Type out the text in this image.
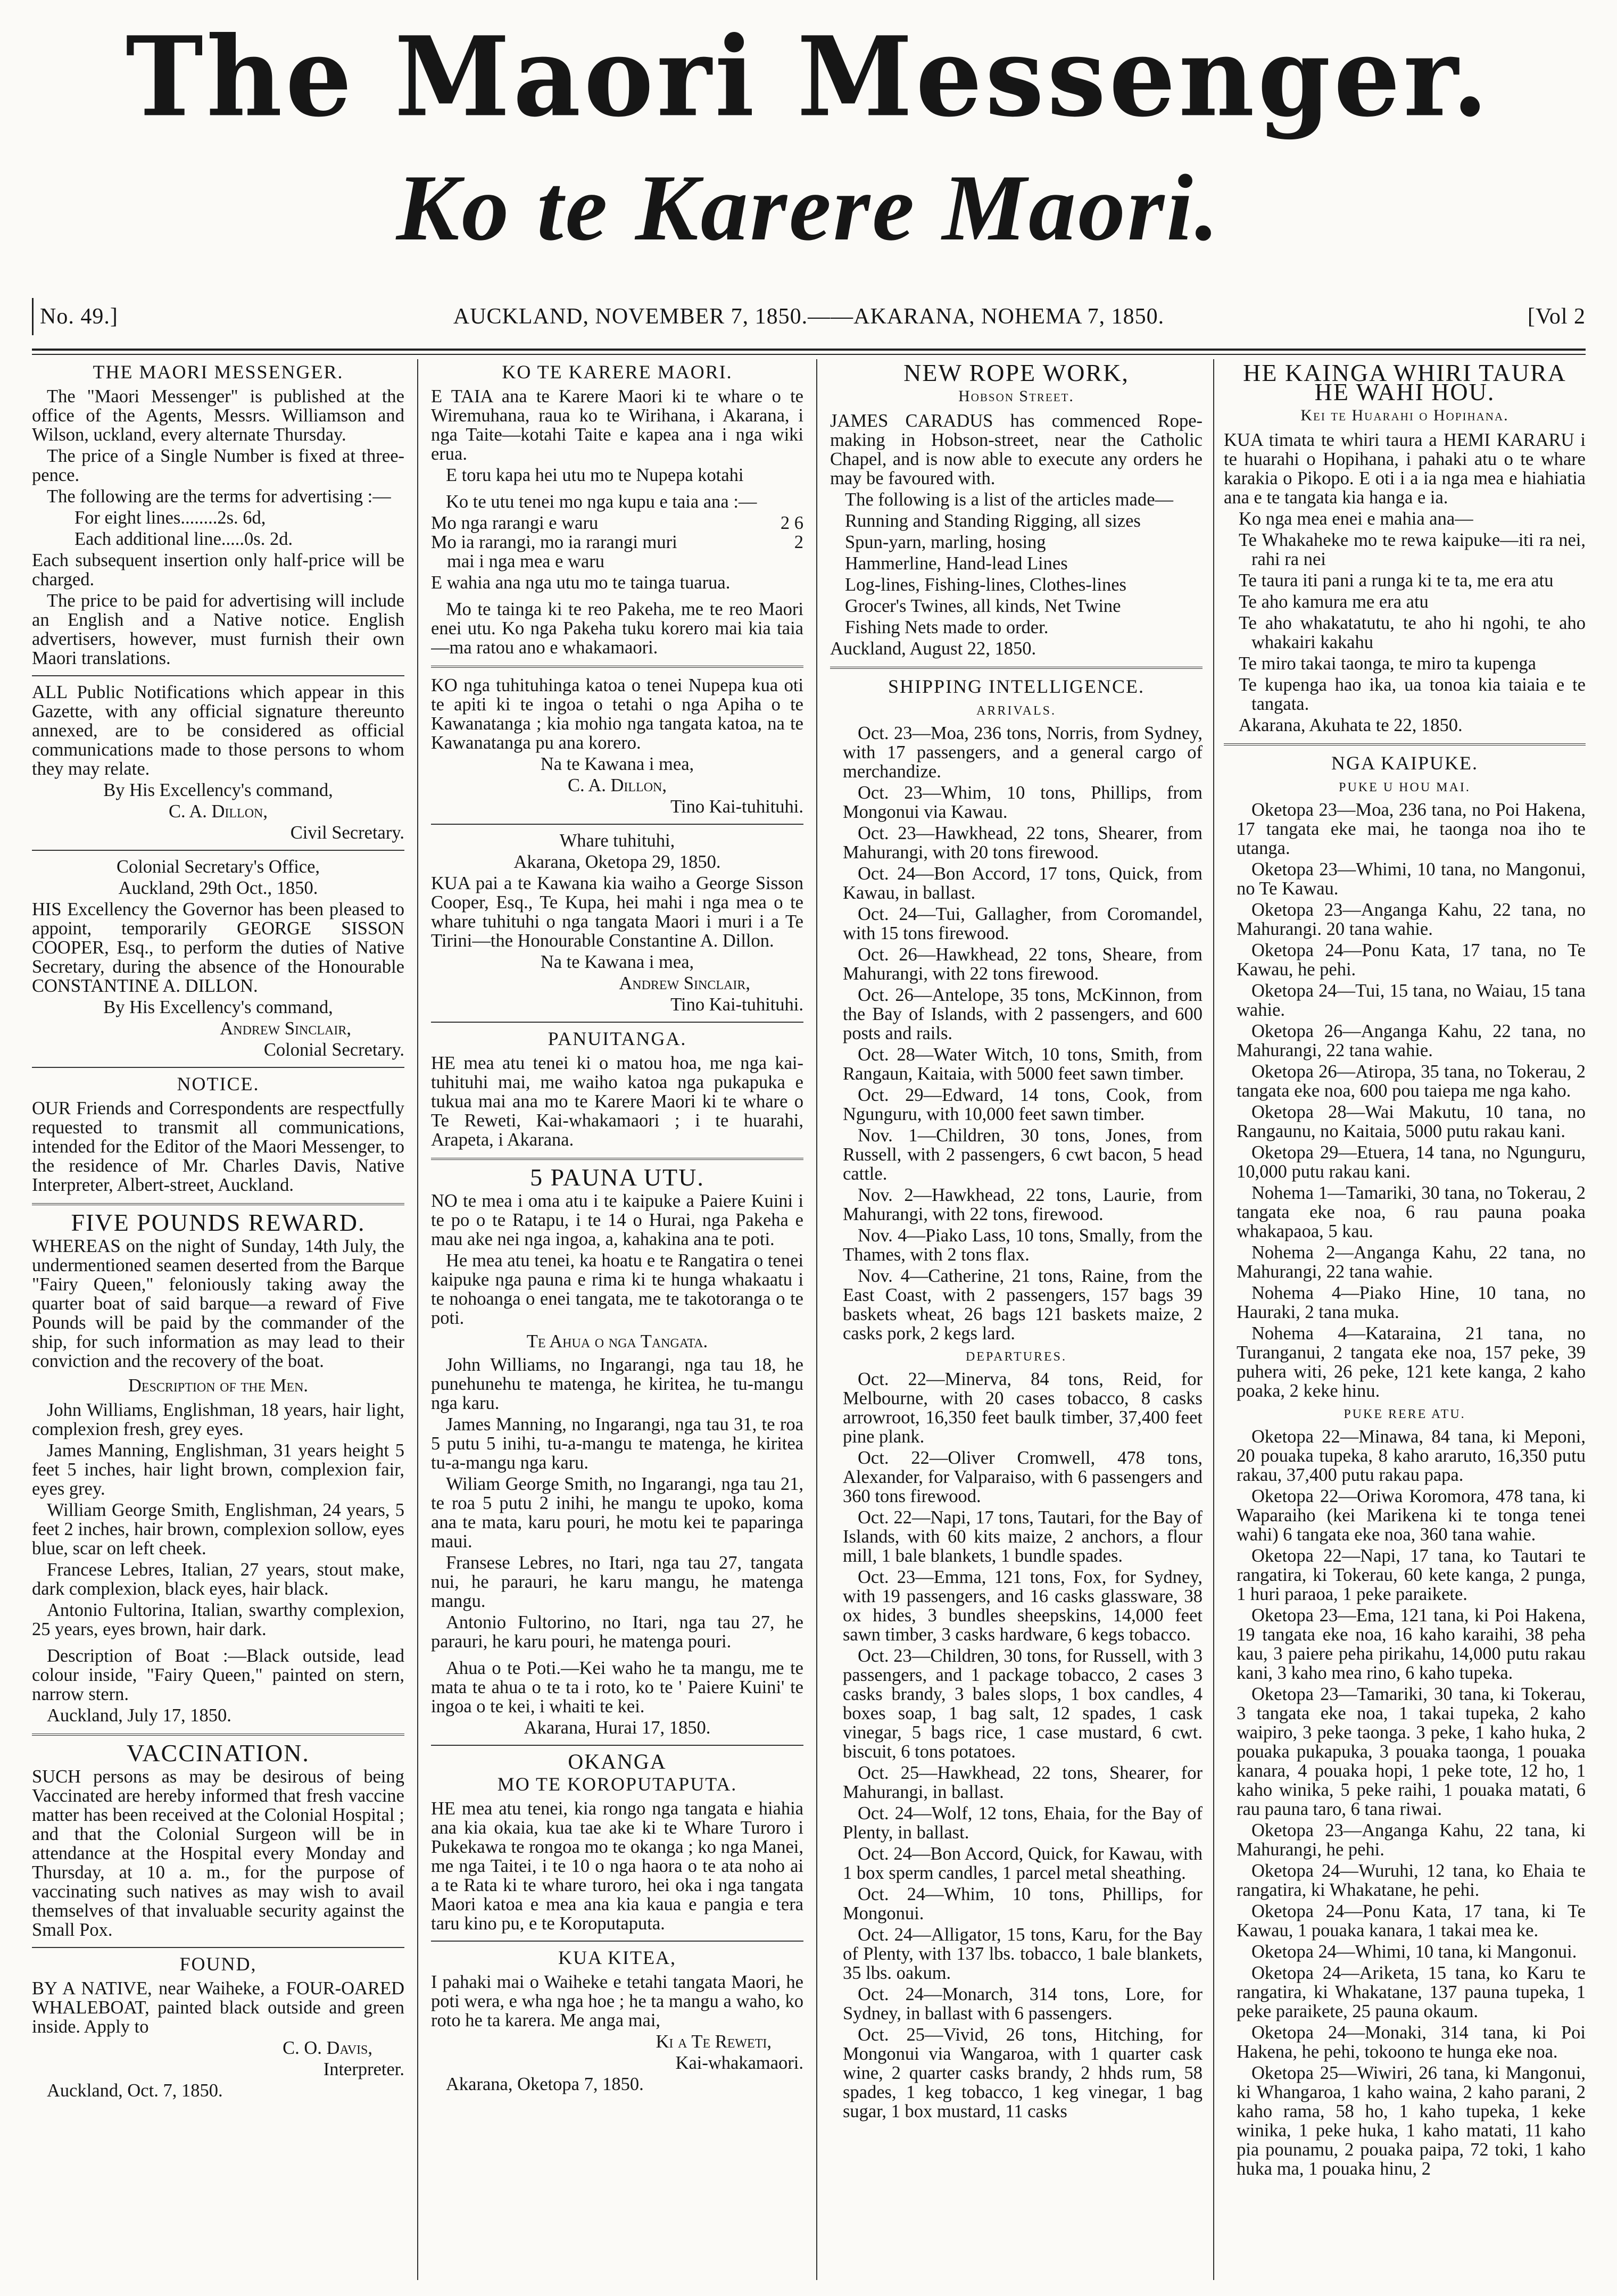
The Maori Messenger.
Ko te Karere Maori.
No. 49.]	AUCKLAND, NOVEMBER 7, 1850.——AKARANA, NOHEMA 7, 1850.	[Vol 2
THE MAORI MESSENGER.

The "Maori Messenger" is published at the office of the Agents, Messrs. Williamson and Wilson, uckland, every alternate Thursday.

The price of a Single Number is fixed at three-pence.

The following are the terms for advertising :—

For eight lines........2s. 6d,

Each additional line.....0s. 2d.

Each subsequent insertion only half-price will be charged.

The price to be paid for advertising will include an English and a Native notice. English advertisers, however, must furnish their own Maori translations.

ALL Public Notifications which appear in this Gazette, with any official signature thereunto annexed, are to be considered as official communications made to those persons to whom they may relate.

By His Excellency's command,

C. A. Dillon,

Civil Secretary.

Colonial Secretary's Office,

Auckland, 29th Oct., 1850.

HIS Excellency the Governor has been pleased to appoint, temporarily GEORGE SISSON COOPER, Esq., to perform the duties of Native Secretary, during the absence of the Honourable CONSTANTINE A. DILLON.

By His Excellency's command,

Andrew Sinclair,

Colonial Secretary.

NOTICE.

OUR Friends and Correspondents are respectfully requested to transmit all communications, intended for the Editor of the Maori Messenger, to the residence of Mr. Charles Davis, Native Interpreter, Albert-street, Auckland.

FIVE POUNDS REWARD.

WHEREAS on the night of Sunday, 14th July, the undermentioned seamen deserted from the Barque "Fairy Queen," feloniously taking away the quarter boat of said barque—a reward of Five Pounds will be paid by the commander of the ship, for such information as may lead to their conviction and the recovery of the boat.

Description of the Men.

John Williams, Englishman, 18 years, hair light, complexion fresh, grey eyes.

James Manning, Englishman, 31 years height 5 feet 5 inches, hair light brown, complexion fair, eyes grey.

William George Smith, Englishman, 24 years, 5 feet 2 inches, hair brown, complexion sollow, eyes blue, scar on left cheek.

Francese Lebres, Italian, 27 years, stout make, dark complexion, black eyes, hair black.

Antonio Fultorina, Italian, swarthy complexion, 25 years, eyes brown, hair dark.

Description of Boat :—Black outside, lead colour inside, "Fairy Queen," painted on stern, narrow stern.

Auckland, July 17, 1850.

VACCINATION.

SUCH persons as may be desirous of being Vaccinated are hereby informed that fresh vaccine matter has been received at the Colonial Hospital ; and that the Colonial Surgeon will be in attendance at the Hospital every Monday and Thursday, at 10 a. m., for the purpose of vaccinating such natives as may wish to avail themselves of that invaluable security against the Small Pox.

FOUND,

BY A NATIVE, near Waiheke, a FOUR-OARED WHALEBOAT, painted black outside and green inside. Apply to

C. O. Davis,

Interpreter.

Auckland, Oct. 7, 1850.

KO TE KARERE MAORI.

E TAIA ana te Karere Maori ki te whare o te Wiremuhana, raua ko te Wirihana, i Akarana, i nga Taite—kotahi Taite e kapea ana i nga wiki erua.

E toru kapa hei utu mo te Nupepa kotahi

Ko te utu tenei mo nga kupu e taia ana :—

Mo nga rarangi e waru	2 6
Mo ia rarangi, mo ia rarangi muri	2

mai i nga mea e waru

E wahia ana nga utu mo te tainga tuarua.

Mo te tainga ki te reo Pakeha, me te reo Maori enei utu. Ko nga Pakeha tuku korero mai kia taia—ma ratou ano e whakamaori.

KO nga tuhituhinga katoa o tenei Nupepa kua oti te apiti ki te ingoa o tetahi o nga Apiha o te Kawanatanga ; kia mohio nga tangata katoa, na te Kawanatanga pu ana korero.

Na te Kawana i mea,

C. A. Dillon,

Tino Kai-tuhituhi.

Whare tuhituhi,

Akarana, Oketopa 29, 1850.

KUA pai a te Kawana kia waiho a George Sisson Cooper, Esq., Te Kupa, hei mahi i nga mea o te whare tuhituhi o nga tangata Maori i muri i a Te Tirini—the Honourable Constantine A. Dillon.

Na te Kawana i mea,

Andrew Sinclair,

Tino Kai-tuhituhi.

PANUITANGA.

HE mea atu tenei ki o matou hoa, me nga kai-tuhituhi mai, me waiho katoa nga pukapuka e tukua mai ana mo te Karere Maori ki te whare o Te Reweti, Kai-whakamaori ; i te huarahi, Arapeta, i Akarana.

5 PAUNA UTU.

NO te mea i oma atu i te kaipuke a Paiere Kuini i te po o te Ratapu, i te 14 o Hurai, nga Pakeha e mau ake nei nga ingoa, a, kahakina ana te poti.

He mea atu tenei, ka hoatu e te Rangatira o tenei kaipuke nga pauna e rima ki te hunga whakaatu i te nohoanga o enei tangata, me te takotoranga o te poti.

Te Ahua o nga Tangata.

John Williams, no Ingarangi, nga tau 18, he punehunehu te matenga, he kiritea, he tu-mangu nga karu.

James Manning, no Ingarangi, nga tau 31, te roa 5 putu 5 inihi, tu-a-mangu te matenga, he kiritea tu-a-mangu nga karu.

Wiliam George Smith, no Ingarangi, nga tau 21, te roa 5 putu 2 inihi, he mangu te upoko, koma ana te mata, karu pouri, he motu kei te paparinga maui.

Fransese Lebres, no Itari, nga tau 27, tangata nui, he parauri, he karu mangu, he matenga mangu.

Antonio Fultorino, no Itari, nga tau 27, he parauri, he karu pouri, he matenga pouri.

Ahua o te Poti.—Kei waho he ta mangu, me te mata te ahua o te ta i roto, ko te ' Paiere Kuini' te ingoa o te kei, i whaiti te kei.

Akarana, Hurai 17, 1850.

OKANGA
MO TE KOROPUTAPUTA.

HE mea atu tenei, kia rongo nga tangata e hiahia ana kia okaia, kua tae ake ki te Whare Turoro i Pukekawa te rongoa mo te okanga ; ko nga Manei, me nga Taitei, i te 10 o nga haora o te ata noho ai a te Rata ki te whare turoro, hei oka i nga tangata Maori katoa e mea ana kia kaua e pangia e tera taru kino pu, e te Koroputaputa.

KUA KITEA,

I pahaki mai o Waiheke e tetahi tangata Maori, he poti wera, e wha nga hoe ; he ta mangu a waho, ko roto he ta karera. Me anga mai,

Ki a Te Reweti,

Kai-whakamaori.

Akarana, Oketopa 7, 1850.

NEW ROPE WORK,
Hobson Street.

JAMES CARADUS has commenced Rope-making in Hobson-street, near the Catholic Chapel, and is now able to execute any orders he may be favoured with.

The following is a list of the articles made—

Running and Standing Rigging, all sizes

Spun-yarn, marling, hosing

Hammerline, Hand-lead Lines

Log-lines, Fishing-lines, Clothes-lines

Grocer's Twines, all kinds, Net Twine

Fishing Nets made to order.

Auckland, August 22, 1850.

SHIPPING INTELLIGENCE.
ARRIVALS.

Oct. 23—Moa, 236 tons, Norris, from Sydney, with 17 passengers, and a general cargo of merchandize.

Oct. 23—Whim, 10 tons, Phillips, from Mongonui via Kawau.

Oct. 23—Hawkhead, 22 tons, Shearer, from Mahurangi, with 20 tons firewood.

Oct. 24—Bon Accord, 17 tons, Quick, from Kawau, in ballast.

Oct. 24—Tui, Gallagher, from Coromandel, with 15 tons firewood.

Oct. 26—Hawkhead, 22 tons, Sheare, from Mahurangi, with 22 tons firewood.

Oct. 26—Antelope, 35 tons, McKinnon, from the Bay of Islands, with 2 passengers, and 600 posts and rails.

Oct. 28—Water Witch, 10 tons, Smith, from Rangaun, Kaitaia, with 5000 feet sawn timber.

Oct. 29—Edward, 14 tons, Cook, from Ngunguru, with 10,000 feet sawn timber.

Nov. 1—Children, 30 tons, Jones, from Russell, with 2 passengers, 6 cwt bacon, 5 head cattle.

Nov. 2—Hawkhead, 22 tons, Laurie, from Mahurangi, with 22 tons, firewood.

Nov. 4—Piako Lass, 10 tons, Smally, from the Thames, with 2 tons flax.

Nov. 4—Catherine, 21 tons, Raine, from the East Coast, with 2 passengers, 157 bags 39 baskets wheat, 26 bags 121 baskets maize, 2 casks pork, 2 kegs lard.

DEPARTURES.

Oct. 22—Minerva, 84 tons, Reid, for Melbourne, with 20 cases tobacco, 8 casks arrowroot, 16,350 feet baulk timber, 37,400 feet pine plank.

Oct. 22—Oliver Cromwell, 478 tons, Alexander, for Valparaiso, with 6 passengers and 360 tons firewood.

Oct. 22—Napi, 17 tons, Tautari, for the Bay of Islands, with 60 kits maize, 2 anchors, a flour mill, 1 bale blankets, 1 bundle spades.

Oct. 23—Emma, 121 tons, Fox, for Sydney, with 19 passengers, and 16 casks glassware, 38 ox hides, 3 bundles sheepskins, 14,000 feet sawn timber, 3 casks hardware, 6 kegs tobacco.

Oct. 23—Children, 30 tons, for Russell, with 3 passengers, and 1 package tobacco, 2 cases 3 casks brandy, 3 bales slops, 1 box candles, 4 boxes soap, 1 bag salt, 12 spades, 1 cask vinegar, 5 bags rice, 1 case mustard, 6 cwt. biscuit, 6 tons potatoes.

Oct. 25—Hawkhead, 22 tons, Shearer, for Mahurangi, in ballast.

Oct. 24—Wolf, 12 tons, Ehaia, for the Bay of Plenty, in ballast.

Oct. 24—Bon Accord, Quick, for Kawau, with 1 box sperm candles, 1 parcel metal sheathing.

Oct. 24—Whim, 10 tons, Phillips, for Mongonui.

Oct. 24—Alligator, 15 tons, Karu, for the Bay of Plenty, with 137 lbs. tobacco, 1 bale blankets, 35 lbs. oakum.

Oct. 24—Monarch, 314 tons, Lore, for Sydney, in ballast with 6 passengers.

Oct. 25—Vivid, 26 tons, Hitching, for Mongonui via Wangaroa, with 1 quarter cask wine, 2 quarter casks brandy, 2 hhds rum, 58 spades, 1 keg tobacco, 1 keg vinegar, 1 bag sugar, 1 box mustard, 11 casks

HE KAINGA WHIRI TAURA
HE WAHI HOU.
Kei te Huarahi o Hopihana.

KUA timata te whiri taura a HEMI KARARU i te huarahi o Hopihana, i pahaki atu o te whare karakia o Pikopo. E oti i a ia nga mea e hiahiatia ana e te tangata kia hanga e ia.

Ko nga mea enei e mahia ana—

Te Whakaheke mo te rewa kaipuke—iti ra nei, rahi ra nei

Te taura iti pani a runga ki te ta, me era atu

Te aho kamura me era atu

Te aho whakatatutu, te aho hi ngohi, te aho whakairi kakahu

Te miro takai taonga, te miro ta kupenga

Te kupenga hao ika, ua tonoa kia taiaia e te tangata.

Akarana, Akuhata te 22, 1850.

NGA KAIPUKE.
PUKE U HOU MAI.

Oketopa 23—Moa, 236 tana, no Poi Hakena, 17 tangata eke mai, he taonga noa iho te utanga.

Oketopa 23—Whimi, 10 tana, no Mangonui, no Te Kawau.

Oketopa 23—Anganga Kahu, 22 tana, no Mahurangi. 20 tana wahie.

Oketopa 24—Ponu Kata, 17 tana, no Te Kawau, he pehi.

Oketopa 24—Tui, 15 tana, no Waiau, 15 tana wahie.

Oketopa 26—Anganga Kahu, 22 tana, no Mahurangi, 22 tana wahie.

Oketopa 26—Atiropa, 35 tana, no Tokerau, 2 tangata eke noa, 600 pou taiepa me nga kaho.

Oketopa 28—Wai Makutu, 10 tana, no Rangaunu, no Kaitaia, 5000 putu rakau kani.

Oketopa 29—Etuera, 14 tana, no Ngunguru, 10,000 putu rakau kani.

Nohema 1—Tamariki, 30 tana, no Tokerau, 2 tangata eke noa, 6 rau pauna poaka whakapaoa, 5 kau.

Nohema 2—Anganga Kahu, 22 tana, no Mahurangi, 22 tana wahie.

Nohema 4—Piako Hine, 10 tana, no Hauraki, 2 tana muka.

Nohema 4—Kataraina, 21 tana, no Turanganui, 2 tangata eke noa, 157 peke, 39 puhera witi, 26 peke, 121 kete kanga, 2 kaho poaka, 2 keke hinu.

PUKE RERE ATU.

Oketopa 22—Minawa, 84 tana, ki Meponi, 20 pouaka tupeka, 8 kaho araruto, 16,350 putu rakau, 37,400 putu rakau papa.

Oketopa 22—Oriwa Koromora, 478 tana, ki Waparaiho (kei Marikena ki te tonga tenei wahi) 6 tangata eke noa, 360 tana wahie.

Oketopa 22—Napi, 17 tana, ko Tautari te rangatira, ki Tokerau, 60 kete kanga, 2 punga, 1 huri paraoa, 1 peke paraikete.

Oketopa 23—Ema, 121 tana, ki Poi Hakena, 19 tangata eke noa, 16 kaho karaihi, 38 peha kau, 3 paiere peha pirikahu, 14,000 putu rakau kani, 3 kaho mea rino, 6 kaho tupeka.

Oketopa 23—Tamariki, 30 tana, ki Tokerau, 3 tangata eke noa, 1 takai tupeka, 2 kaho waipiro, 3 peke taonga. 3 peke, 1 kaho huka, 2 pouaka pukapuka, 3 pouaka taonga, 1 pouaka kanara, 4 pouaka hopi, 1 peke tote, 12 ho, 1 kaho winika, 5 peke raihi, 1 pouaka matati, 6 rau pauna taro, 6 tana riwai.

Oketopa 23—Anganga Kahu, 22 tana, ki Mahurangi, he pehi.

Oketopa 24—Wuruhi, 12 tana, ko Ehaia te rangatira, ki Whakatane, he pehi.

Oketopa 24—Ponu Kata, 17 tana, ki Te Kawau, 1 pouaka kanara, 1 takai mea ke.

Oketopa 24—Whimi, 10 tana, ki Mangonui.

Oketopa 24—Ariketa, 15 tana, ko Karu te rangatira, ki Whakatane, 137 pauna tupeka, 1 peke paraikete, 25 pauna okaum.

Oketopa 24—Monaki, 314 tana, ki Poi Hakena, he pehi, tokoono te hunga eke noa.

Oketopa 25—Wiwiri, 26 tana, ki Mangonui, ki Whangaroa, 1 kaho waina, 2 kaho parani, 2 kaho rama, 58 ho, 1 kaho tupeka, 1 keke winika, 1 peke huka, 1 kaho matati, 11 kaho pia pounamu, 2 pouaka paipa, 72 toki, 1 kaho huka ma, 1 pouaka hinu, 2
